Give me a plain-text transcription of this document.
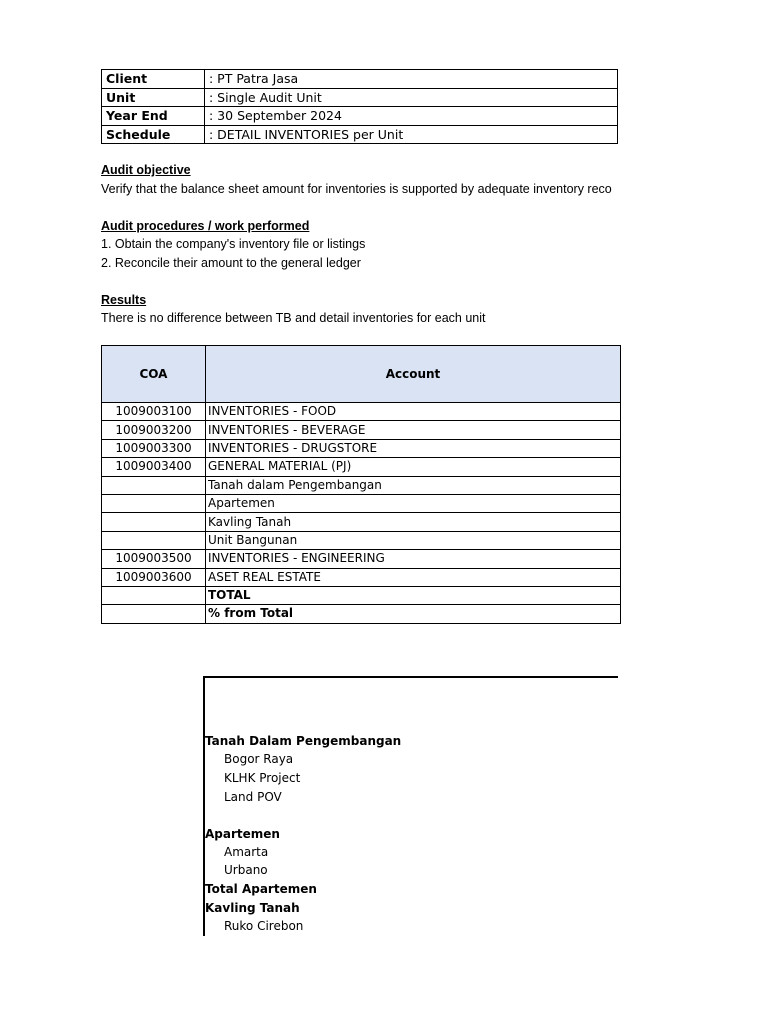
Client	: PT Patra Jasa
Unit	: Single Audit Unit
Year End	: 30 September 2024
Schedule	: DETAIL INVENTORIES per Unit
Audit objective
Verify that the balance sheet amount for inventories is supported by adequate inventory reco
Audit procedures / work performed
1. Obtain the company's inventory file or listings
2. Reconcile their amount to the general ledger
Results
There is no difference between TB and detail inventories for each unit
COA	Account
1009003100	INVENTORIES - FOOD
1009003200	INVENTORIES - BEVERAGE
1009003300	INVENTORIES - DRUGSTORE
1009003400	GENERAL MATERIAL (PJ)
	Tanah dalam Pengembangan
	Apartemen
	Kavling Tanah
	Unit Bangunan
1009003500	INVENTORIES - ENGINEERING
1009003600	ASET REAL ESTATE
	TOTAL
	% from Total
Tanah Dalam Pengembangan
Bogor Raya
KLHK Project
Land POV
Apartemen
Amarta
Urbano
Total Apartemen
Kavling Tanah
Ruko Cirebon
